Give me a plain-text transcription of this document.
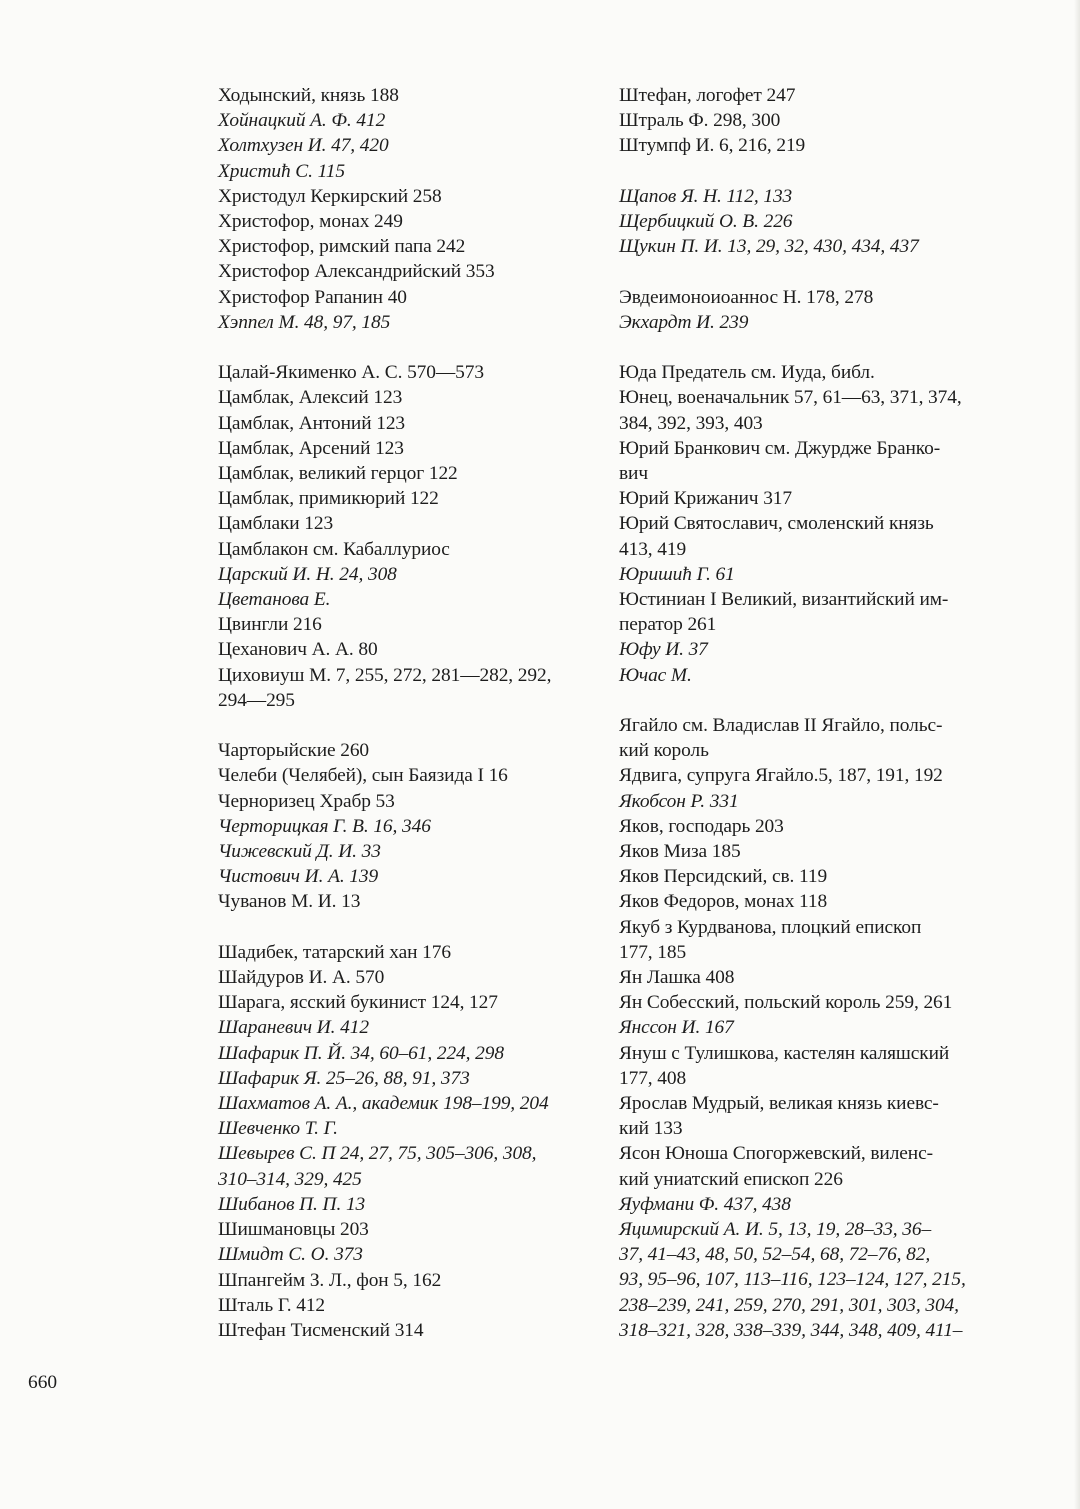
Ходынский, князь 188
Хойнацкий А. Ф. 412
Холтхузен И. 47, 420
Христић С. 115
Христодул Керкирский 258
Христофор, монах 249
Христофор, римский папа 242
Христофор Александрийский 353
Христофор Рапанин 40
Хэппел М. 48, 97, 185
Цалай-Якименко А. С. 570—573
Цамблак, Алексий 123
Цамблак, Антоний 123
Цамблак, Арсений 123
Цамблак, великий герцог 122
Цамблак, примикюрий 122
Цамблаки 123
Цамблакон см. Кабаллуриос
Царский И. Н. 24, 308
Цветанова Е.
Цвингли 216
Цеханович А. А. 80
Циховиуш М. 7, 255, 272, 281—282, 292,
294—295
Чарторыйские 260
Челеби (Челябей), сын Баязида I 16
Черноризец Храбр 53
Черторицкая Г. В. 16, 346
Чижевский Д. И. 33
Чистович И. А. 139
Чуванов М. И. 13
Шадибек, татарский хан 176
Шайдуров И. А. 570
Шарага, ясский букинист 124, 127
Шараневич И. 412
Шафарик П. Й. 34, 60–61, 224, 298
Шафарик Я. 25–26, 88, 91, 373
Шахматов А. А., академик 198–199, 204
Шевченко Т. Г.
Шевырев С. П 24, 27, 75, 305–306, 308,
310–314, 329, 425
Шибанов П. П. 13
Шишмановцы 203
Шмидт С. О. 373
Шпангейм З. Л., фон 5, 162
Шталь Г. 412
Штефан Тисменский 314
Штефан, логофет 247
Штраль Ф. 298, 300
Штумпф И. 6, 216, 219
Щапов Я. Н. 112, 133
Щербицкий О. В. 226
Щукин П. И. 13, 29, 32, 430, 434, 437
Эвдеимоноиоаннос Н. 178, 278
Экхардт И. 239
Юда Предатель см. Иуда, библ.
Юнец, военачальник 57, 61—63, 371, 374,
384, 392, 393, 403
Юрий Бранкович см. Джурдже Бранко-
вич
Юрий Крижанич 317
Юрий Святославич, смоленский князь
413, 419
Юришић Г. 61
Юстиниан I Великий, византийский им-
ператор 261
Юфу И. 37
Ючас М.
Ягайло см. Владислав II Ягайло, польс-
кий король
Ядвига, супруга Ягайло.5, 187, 191, 192
Якобсон Р. 331
Яков, господарь 203
Яков Миза 185
Яков Персидский, св. 119
Яков Федоров, монах 118
Якуб з Курдванова, плоцкий епископ
177, 185
Ян Лашка 408
Ян Собесский, польский король 259, 261
Янссон И. 167
Януш с Тулишкова, кастелян каляшский
177, 408
Ярослав Мудрый, великая князь киевс-
кий 133
Ясон Юноша Спогоржевский, виленс-
кий униатский епископ 226
Яуфмани Ф. 437, 438
Яцимирский А. И. 5, 13, 19, 28–33, 36–
37, 41–43, 48, 50, 52–54, 68, 72–76, 82,
93, 95–96, 107, 113–116, 123–124, 127, 215,
238–239, 241, 259, 270, 291, 301, 303, 304,
318–321, 328, 338–339, 344, 348, 409, 411–
660
